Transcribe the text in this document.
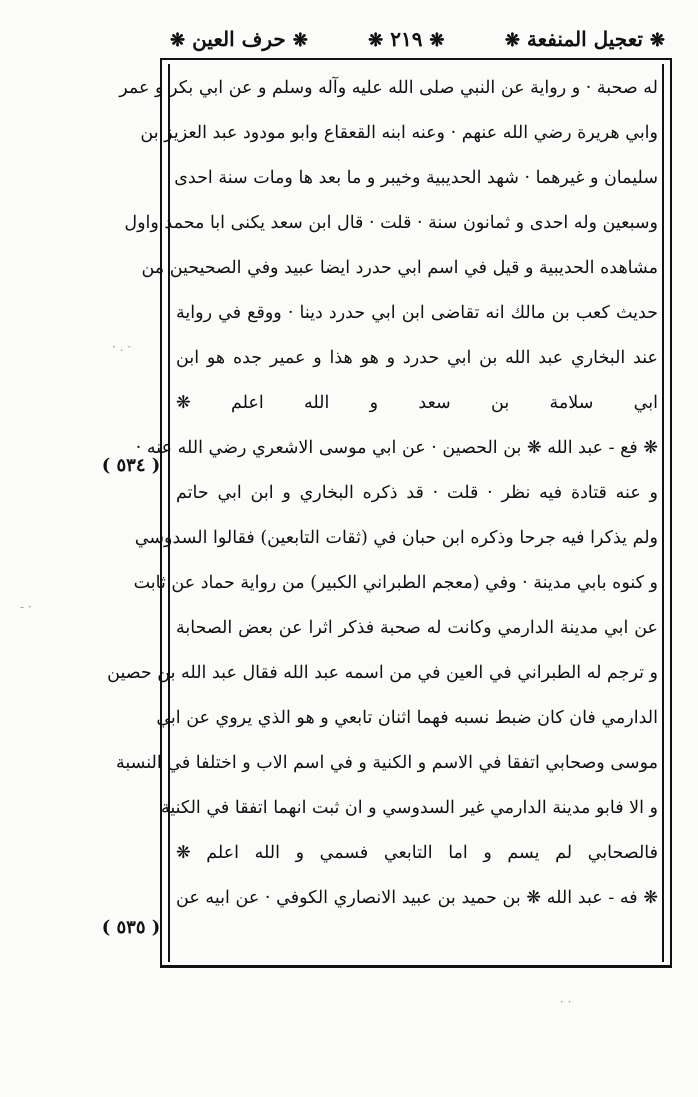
❋ تعجيل المنفعة ❋
❋ ٢١٩ ❋
❋ حرف العين ❋
له صحبة · و رواية عن النبي صلى الله عليه وآله وسلم و عن ابي بكر و عمر
وابي هريرة رضي الله عنهم · وعنه ابنه القعقاع وابو مودود عبد العزيز بن
سليمان و غيرهما · شهد الحديبية وخيبر و ما بعد ها ومات سنة احدى
وسبعين وله احدى و ثمانون سنة · قلت · قال ابن سعد يكنى ابا محمد واول
مشاهده الحديبية و قيل في اسم ابي حدرد ايضا عبيد وفي الصحيحين من
حديث كعب بن مالك انه تقاضى ابن ابي حدرد دينا · ووقع في رواية
عند البخاري عبد الله بن ابي حدرد و هو هذا و عمير جده هو ابن
ابي سلامة بن سعد و الله اعلم ❋
❋ فع - عبد الله ❋ بن الحصين · عن ابي موسى الاشعري رضي الله عنه ·
و عنه قتادة فيه نظر · قلت · قد ذكره البخاري و ابن ابي حاتم
ولم يذكرا فيه جرحا وذكره ابن حبان في (ثقات التابعين) فقالوا السدوسي
و كنوه بابي مدينة · وفي (معجم الطبراني الكبير) من رواية حماد عن ثابت
عن ابي مدينة الدارمي وكانت له صحبة فذكر اثرا عن بعض الصحابة
و ترجم له الطبراني في العين في من اسمه عبد الله فقال عبد الله بن حصين
الدارمي فان كان ضبط نسبه فهما اثنان تابعي و هو الذي يروي عن ابي
موسى وصحابي اتفقا في الاسم و الكنية و في اسم الاب و اختلفا في النسبة
و الا فابو مدينة الدارمي غير السدوسي و ان ثبت انهما اتفقا في الكنية
فالصحابي لم يسم و اما التابعي فسمي و الله اعلم ❋
❋ فه - عبد الله ❋ بن حميد بن عبيد الانصاري الكوفي · عن ابيه عن
( ٥٣٤ )
( ٥٣٥ )
· . ·
- ·
· ·
